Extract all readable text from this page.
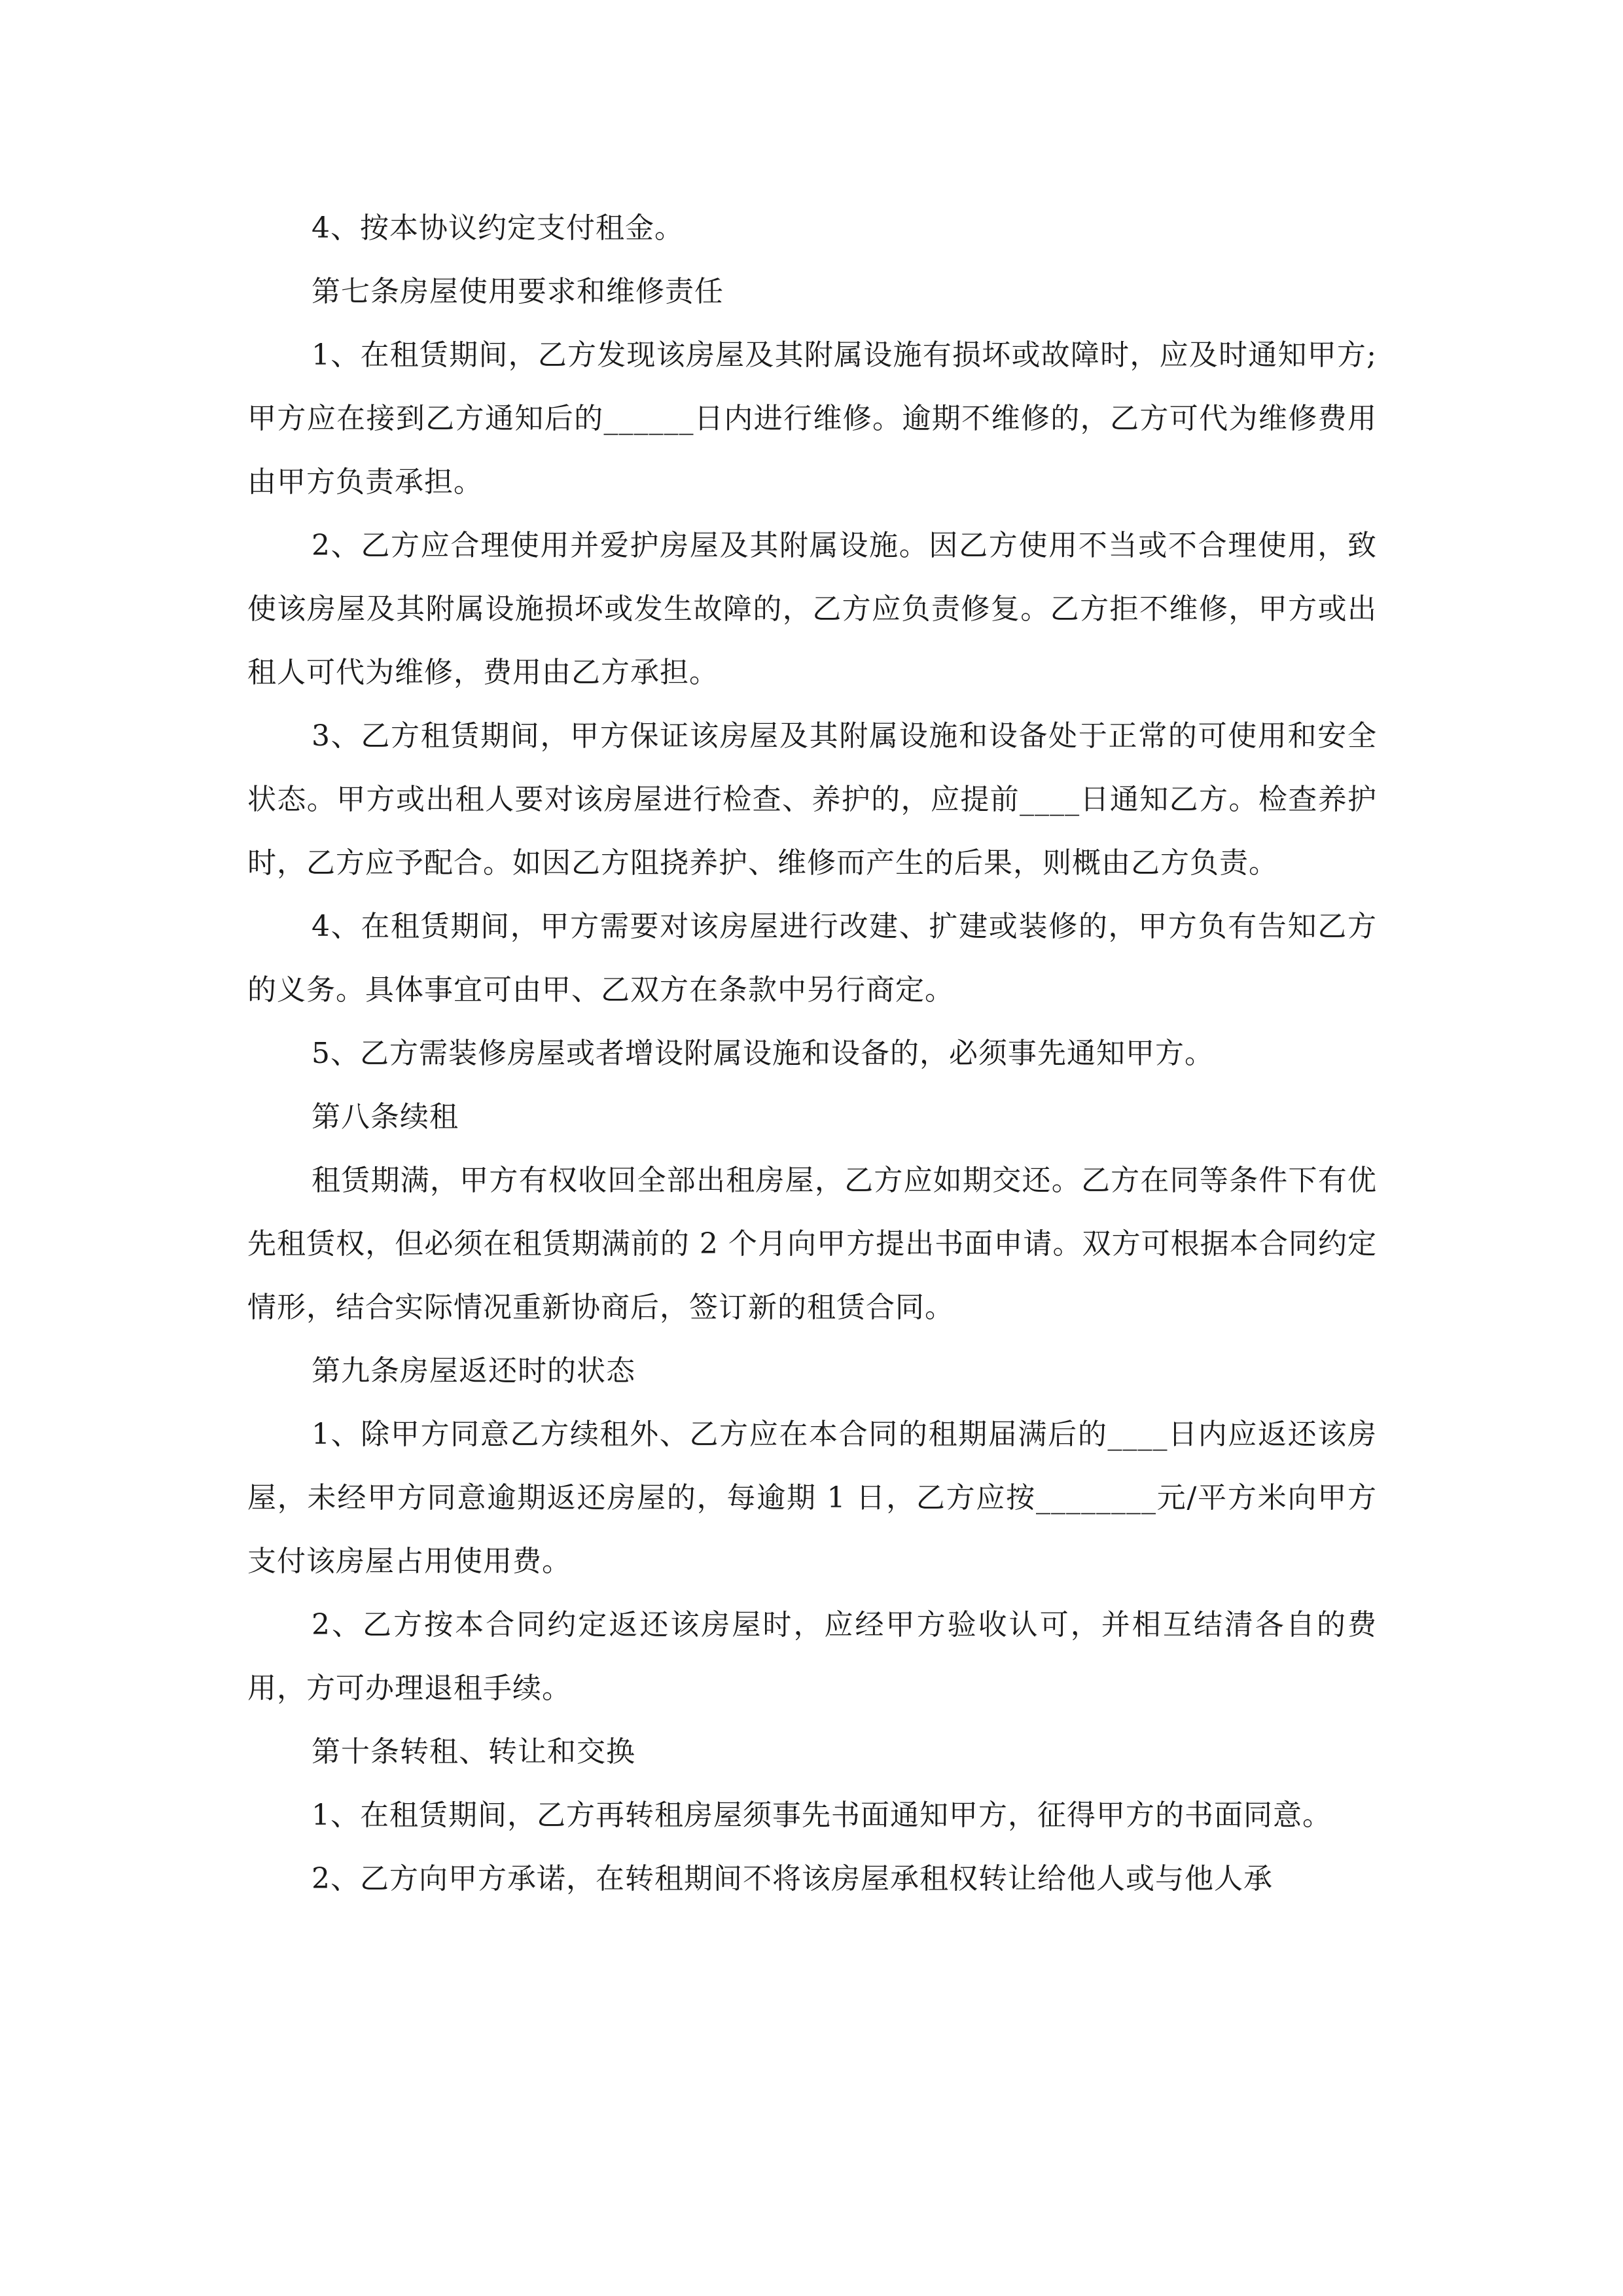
4、按本协议约定支付租金。

第七条房屋使用要求和维修责任

1、在租赁期间，乙方发现该房屋及其附属设施有损坏或故障时，应及时通知甲方;甲方应在接到乙方通知后的______日内进行维修。逾期不维修的，乙方可代为维修费用由甲方负责承担。

2、乙方应合理使用并爱护房屋及其附属设施。因乙方使用不当或不合理使用，致使该房屋及其附属设施损坏或发生故障的，乙方应负责修复。乙方拒不维修，甲方或出租人可代为维修，费用由乙方承担。

3、乙方租赁期间，甲方保证该房屋及其附属设施和设备处于正常的可使用和安全状态。甲方或出租人要对该房屋进行检查、养护的，应提前____日通知乙方。检查养护时，乙方应予配合。如因乙方阻挠养护、维修而产生的后果，则概由乙方负责。

4、在租赁期间，甲方需要对该房屋进行改建、扩建或装修的，甲方负有告知乙方的义务。具体事宜可由甲、乙双方在条款中另行商定。

5、乙方需装修房屋或者增设附属设施和设备的，必须事先通知甲方。

第八条续租

租赁期满，甲方有权收回全部出租房屋，乙方应如期交还。乙方在同等条件下有优先租赁权，但必须在租赁期满前的 2 个月向甲方提出书面申请。双方可根据本合同约定情形，结合实际情况重新协商后，签订新的租赁合同。

第九条房屋返还时的状态

1、除甲方同意乙方续租外、乙方应在本合同的租期届满后的____日内应返还该房屋，未经甲方同意逾期返还房屋的，每逾期 1 日，乙方应按________元/平方米向甲方支付该房屋占用使用费。

2、乙方按本合同约定返还该房屋时，应经甲方验收认可，并相互结清各自的费用，方可办理退租手续。

第十条转租、转让和交换

1、在租赁期间，乙方再转租房屋须事先书面通知甲方，征得甲方的书面同意。

2、乙方向甲方承诺，在转租期间不将该房屋承租权转让给他人或与他人承
